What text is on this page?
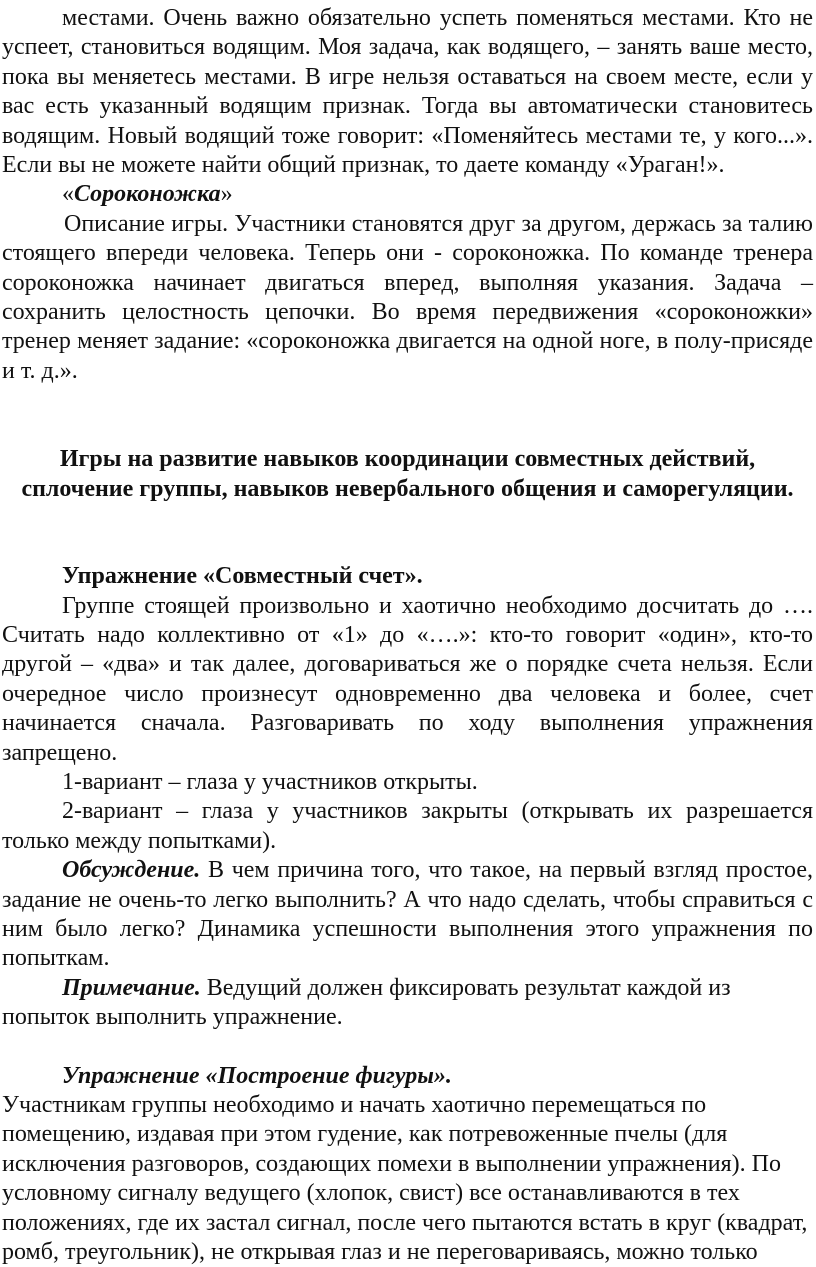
местами. Очень важно обязательно успеть поменяться местами. Кто не успеет, становиться водящим. Моя задача, как водящего, – занять ваше место, пока вы меняетесь местами. В игре нельзя оставаться на своем месте, если у вас есть указанный водящим признак. Тогда вы автоматически становитесь водящим. Новый водящий тоже говорит: «Поменяйтесь местами те, у кого...». Если вы не можете найти общий признак, то даете команду «Ураган!».

«Сороконожка»

Описание игры. Участники становятся друг за другом, держась за талию стоящего впереди человека. Теперь они - сороконожка. По команде тренера сороконожка начинает двигаться вперед, выполняя указания. Задача – сохранить целостность цепочки. Во время передвижения «сороконожки» тренер меняет задание: «сороконожка двигается на одной ноге, в полу-присяде и т. д.».

Игры на развитие навыков координации совместных действий, сплочение группы, навыков невербального общения и саморегуляции.

Упражнение «Совместный счет».

Группе стоящей произвольно и хаотично необходимо досчитать до …. Считать надо коллективно от «1» до «….»: кто-то говорит «один», кто-то другой – «два» и так далее, договариваться же о порядке счета нельзя. Если очередное число произнесут одновременно два человека и более, счет начинается сначала. Разговаривать по ходу выполнения упражнения запрещено.

1-вариант – глаза у участников открыты.

2-вариант – глаза у участников закрыты (открывать их разрешается только между попытками).

Обсуждение. В чем причина того, что такое, на первый взгляд простое, задание не очень-то легко выполнить? А что надо сделать, чтобы справиться с ним было легко? Динамика успешности выполнения этого упражнения по попыткам.

Примечание. Ведущий должен фиксировать результат каждой из попыток выполнить упражнение.

Упражнение «Построение фигуры».

Участникам группы необходимо и начать хаотично перемещаться по помещению, издавая при этом гудение, как потревоженные пчелы (для исключения разговоров, создающих помехи в выполнении упражнения). По условному сигналу ведущего (хлопок, свист) все останавливаются в тех положениях, где их застал сигнал, после чего пытаются встать в круг (квадрат, ромб, треугольник), не открывая глаз и не переговариваясь, можно только
